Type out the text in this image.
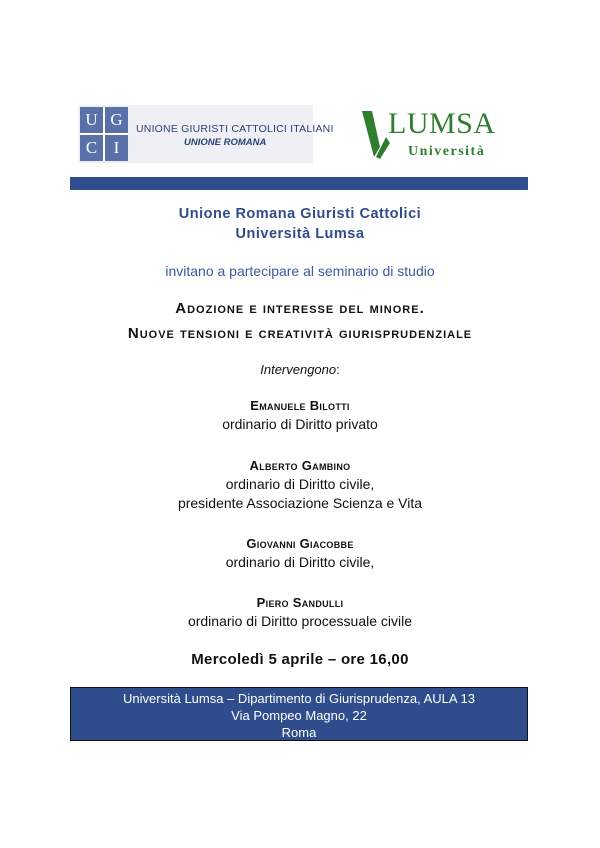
U G
C I
UNIONE GIURISTI CATTOLICI ITALIANI
UNIONE ROMANA
LUMSA
Università
Unione Romana Giuristi Cattolici
Università Lumsa
invitano a partecipare al seminario di studio
Adozione e interesse del minore.
Nuove tensioni e creatività giurisprudenziale
Intervengono:
Emanuele Bilotti
ordinario di Diritto privato
Alberto Gambino
ordinario di Diritto civile,
presidente Associazione Scienza e Vita
Giovanni Giacobbe
ordinario di Diritto civile,
Piero Sandulli
ordinario di Diritto processuale civile
Mercoledì 5 aprile – ore 16,00
Università Lumsa – Dipartimento di Giurisprudenza, AULA 13
Via Pompeo Magno, 22
Roma
